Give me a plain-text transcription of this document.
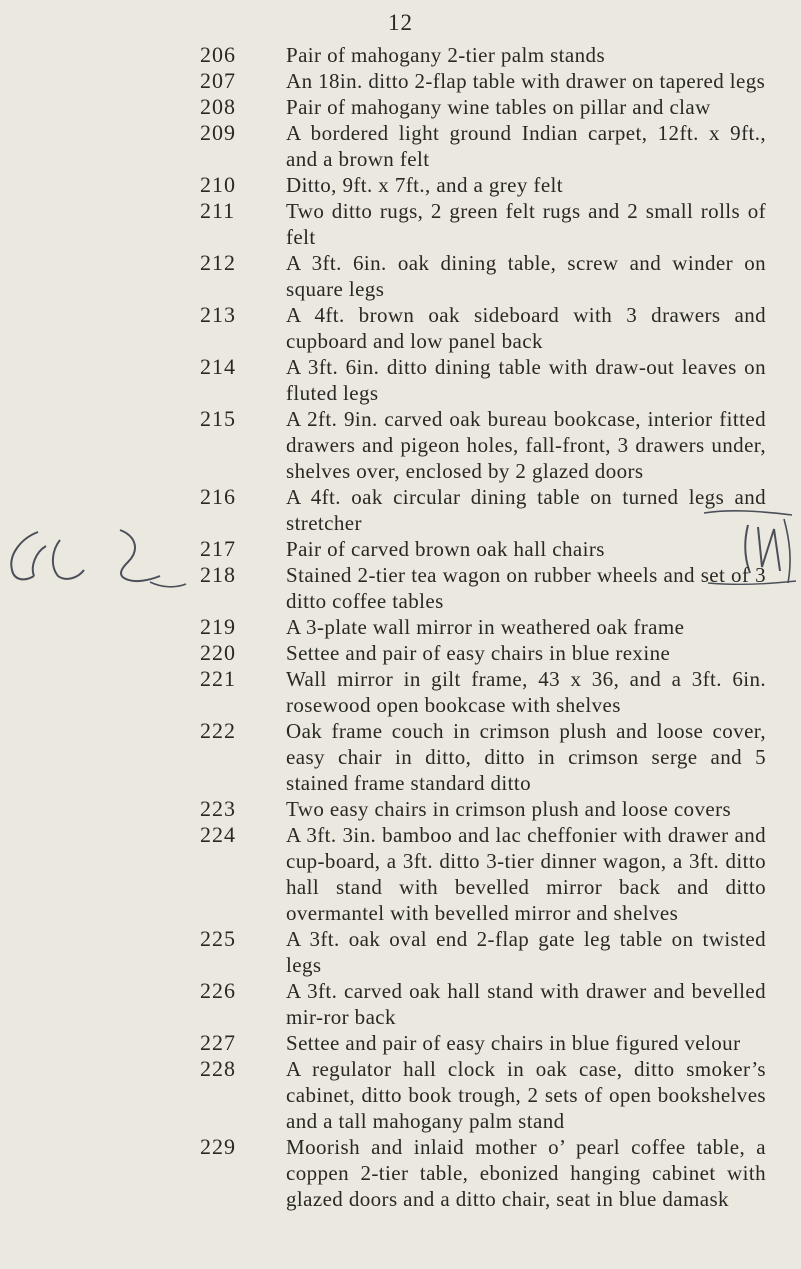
12
206	Pair of mahogany 2-tier palm stands
207	An 18in. ditto 2-flap table with drawer on tapered legs
208	Pair of mahogany wine tables on pillar and claw
209	A bordered light ground Indian carpet, 12ft. x 9ft., and a brown felt
210	Ditto, 9ft. x 7ft., and a grey felt
211	Two ditto rugs, 2 green felt rugs and 2 small rolls of felt
212	A 3ft. 6in. oak dining table, screw and winder on square legs
213	A 4ft. brown oak sideboard with 3 drawers and cupboard and low panel back
214	A 3ft. 6in. ditto dining table with draw-out leaves on fluted legs
215	A 2ft. 9in. carved oak bureau bookcase, interior fitted drawers and pigeon holes, fall-front, 3 drawers under, shelves over, enclosed by 2 glazed doors
216	A 4ft. oak circular dining table on turned legs and stretcher
217	Pair of carved brown oak hall chairs
218	Stained 2-tier tea wagon on rubber wheels and set of 3 ditto coffee tables
219	A 3-plate wall mirror in weathered oak frame
220	Settee and pair of easy chairs in blue rexine
221	Wall mirror in gilt frame, 43 x 36, and a 3ft. 6in. rosewood open bookcase with shelves
222	Oak frame couch in crimson plush and loose cover, easy chair in ditto, ditto in crimson serge and 5 stained frame standard ditto
223	Two easy chairs in crimson plush and loose covers
224	A 3ft. 3in. bamboo and lac cheffonier with drawer and cup-board, a 3ft. ditto 3-tier dinner wagon, a 3ft. ditto hall stand with bevelled mirror back and ditto overmantel with bevelled mirror and shelves
225	A 3ft. oak oval end 2-flap gate leg table on twisted legs
226	A 3ft. carved oak hall stand with drawer and bevelled mir-ror back
227	Settee and pair of easy chairs in blue figured velour
228	A regulator hall clock in oak case, ditto smoker’s cabinet, ditto book trough, 2 sets of open bookshelves and a tall mahogany palm stand
229	Moorish and inlaid mother o’ pearl coffee table, a coppen 2-tier table, ebonized hanging cabinet with glazed doors and a ditto chair, seat in blue damask
